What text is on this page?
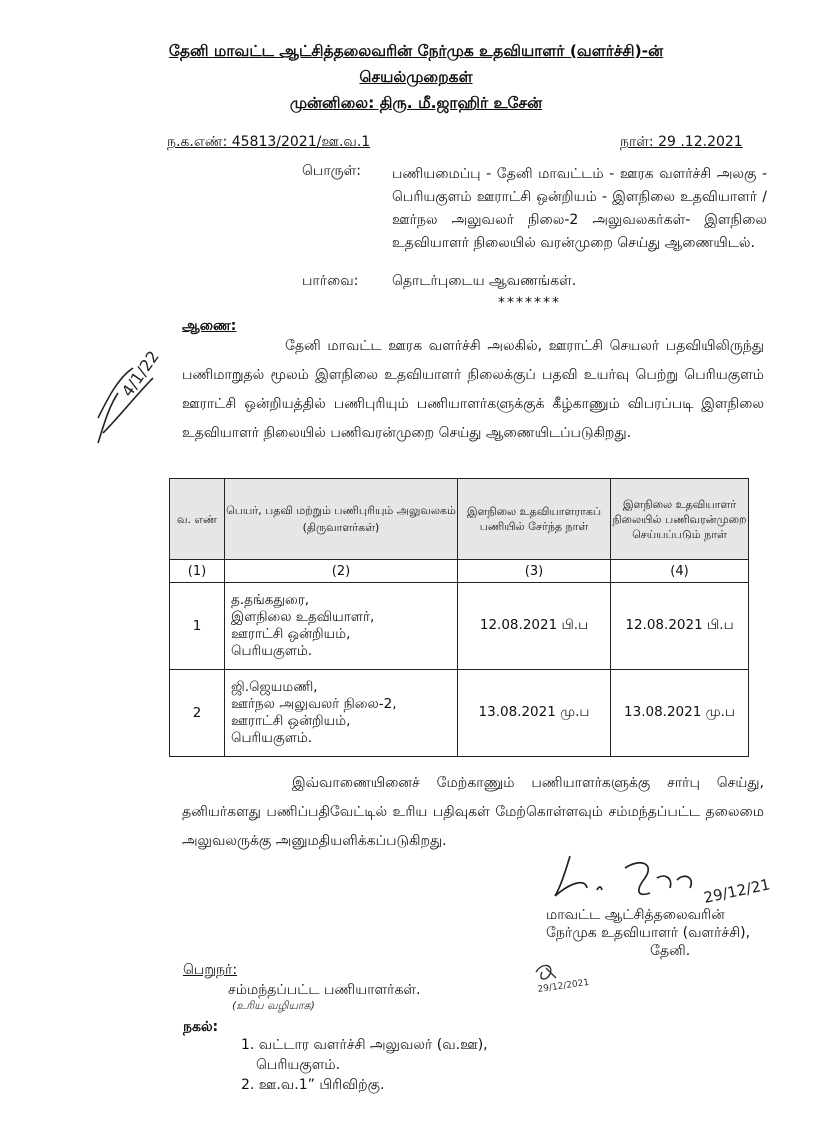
தேனி மாவட்ட ஆட்சித்தலைவரின் நேர்முக உதவியாளர் (வளர்ச்சி)-ன்
செயல்முறைகள்
முன்னிலை: திரு. மீ.ஜாஹிர் உசேன்
ந.க.எண்: 45813/2021/ஊ.வ.1	நாள்: 29 .12.2021
பொருள்: பணியமைப்பு - தேனி மாவட்டம் - ஊரக வளர்ச்சி அலகு - பெரியகுளம் ஊராட்சி ஒன்றியம் - இளநிலை உதவியாளர் / ஊர்நல அலுவலர் நிலை-2 அலுவலகர்கள்- இளநிலை உதவியாளர் நிலையில் வரன்முறை செய்து ஆணையிடல்.
பார்வை: தொடர்புடைய ஆவணங்கள்.
*******
4/1/22
ஆணை:
தேனி மாவட்ட ஊரக வளர்ச்சி அலகில், ஊராட்சி செயலர் பதவியிலிருந்து பணிமாறுதல் மூலம் இளநிலை உதவியாளர் நிலைக்குப் பதவி உயர்வு பெற்று பெரியகுளம் ஊராட்சி ஒன்றியத்தில் பணிபுரியும் பணியாளர்களுக்குக் கீழ்காணும் விபரப்படி இளநிலை உதவியாளர் நிலையில் பணிவரன்முறை செய்து ஆணையிடப்படுகிறது.
வ. எண்	பெயர், பதவி மற்றும் பணிபுரியும் அலுவலகம் (திருவாளர்கள்)	இளநிலை உதவியாளராகப் பணியில் சேர்ந்த நாள்	இளநிலை உதவியாளர் நிலையில் பணிவரன்முறை செய்யப்படும் நாள்
(1)	(2)	(3)	(4)
1	த.தங்கதுரை,
இளநிலை உதவியாளர்,
ஊராட்சி ஒன்றியம்,
பெரியகுளம்.	12.08.2021 பி.ப	12.08.2021 பி.ப
2	ஜி.ஜெயமணி,
ஊர்நல அலுவலர் நிலை-2,
ஊராட்சி ஒன்றியம்,
பெரியகுளம்.	13.08.2021 மு.ப	13.08.2021 மு.ப
இவ்வாணையினைச் மேற்காணும் பணியாளர்களுக்கு சார்பு செய்து, தனியர்களது பணிப்பதிவேட்டில் உரிய பதிவுகள் மேற்கொள்ளவும் சம்மந்தப்பட்ட தலைமை அலுவலருக்கு அனுமதியளிக்கப்படுகிறது.
29/12/21
மாவட்ட ஆட்சித்தலைவரின்
நேர்முக உதவியாளர் (வளர்ச்சி),
தேனி.
பெறுநர்:
சம்மந்தப்பட்ட பணியாளர்கள்.
(உரிய வழியாக)
29/12/2021
நகல்:
1. வட்டார வளர்ச்சி அலுவலர் (வ.ஊ),
பெரியகுளம்.
2. ஊ.வ.1” பிரிவிற்கு.
